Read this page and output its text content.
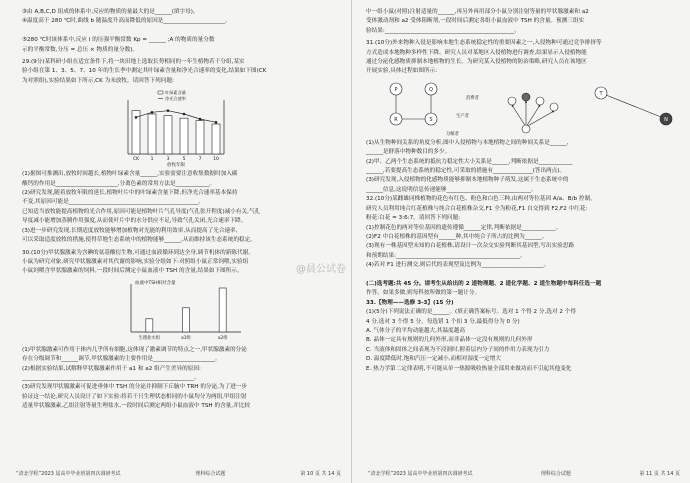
③由 A,B,C,D 组成的体系中,反应的物质的量最大的是______(填字母)。
④温度高于 280 ℃时,曲线 b 随温度升高而降低的原因是______________________。

⑤280 ℃时该体系中,反应 I 的压强平衡常数 Kp = ______ ;A 的物质的量分数
示的平衡常数,分压 = 总压 × 物质的量分数)。
29.(9分)某科研小组在适宜条件下,将一块田地上选取长势相同的一年生植物若干分组,某实
验小组在第 1、3、5、7、10 年的生长季中测定其叶绿素含量和净光合速率的变化,结果如下图(CK
为对照组),实验结果如下所示,CK 为未放牧。请回答下列问题:
CK	1	3	5	7	10
放牧年限
叶绿素含量
净光合速率
(1)据图可推测出,放牧时间越长,植物叶绿素含量______,实验需要注意收集数据时加入碳
酸钙的作用是______________________,分离色素的常用方法是____________。
(2)研究发现,随着放牧年限的延长,植物叶片中的叶绿素含量下降,但净光合速率基本保持
不变,其原因可能是______________________________________________。
已知适当放牧能提高植物的光合作用,原因可能是植物叶片气孔导度(气孔张开程度)减小有关,气孔
导度减小能增加蒸腾作用强度,从而使叶片中的水分供应不足,导致气孔关闭,光合速率下降。
(3)进一步研究发现,长期适度放牧能够增加植物对光能的利用效率,从而提高了光合速率,
可以采取适度放牧的措施,使得草地生态系统中的植物能够______,从而维持该生态系统的稳定。
30.(10分)甲状腺激素为含碘的氨基酸衍生物,可通过血液循环到达全身,调节机体的新陈代谢。
小鼠为研究对象,研究甲状腺激素对其代谢的影响,实验分组如下:对照组小鼠正常饲喂,实验组
小鼠饲喂含甲状腺激素的饲料,一段时间后测定小鼠血液中 TSH 的含量,结果如下图所示。
血液中TSH相对含量
生理盐水组	a1组	a2组
(1)甲状腺激素可作用于体内几乎所有细胞,这体现了激素调节的特点之一,甲状腺激素的分泌
存在分级调节和______调节,甲状腺激素的主要作用是______________________。
(2)根据实验结果,试解释甲状腺激素作用于 a1 和 a2 组产生差异的原因:
_____________________________________________________________。
(3)研究发现甲状腺激素可促进垂体中 TSH 的分泌并抑制下丘脑中 TRH 的分泌,为了进一步
验证这一结论,研究人员设计了如下实验:将若干只生理状态相同的小鼠均分为两组,甲组注射
适量甲状腺激素,乙组注射等量生理盐水,一段时间后测定两组小鼠血液中 TSH 的含量,并比较
“清北学程”2023 届高中毕业班第四次调研考试	理科综合试题	第 10 页 共 14 页
中一组小鼠(对照)注射适量的______,再另外再用部分小鼠分别注射等量的甲状腺激素和 a2
受体激动剂和 a2 受体阻断剂,一段时间后测定各组小鼠血液中 TSH 的含量。预测三组实
验结果:______________________________________________。
31.(10分)外来物种入侵是影响本地生态系统稳定性的重要因素之一,入侵物种可通过竞争排挤等
方式造成本地物种多样性下降。研究人员对某地区入侵植物进行调查,结果显示入侵植物能
通过分泌化感物质抑制本地植物的生长。为研究某入侵植物的防治策略,研究人员在该地区
开展实验,具体过程如图所示:
P	Q
R	S
T
N
分解者
生产者
消费者
(1)从生物种间关系的角度分析,图中入侵植物与本地植物之间的种间关系是______,
______是群落中物种数目的多少。
(2)甲、乙两个生态系统的抵抗力稳定性大小关系是______,判断依据是____________
______,若要提高生态系统的稳定性,可采取的措施有______________(答出两点)。
(3)研究发现,入侵植物的化感物质能够抑制本地植物种子萌发,这属于生态系统中的
______信息,这说明信息传递能够______________________________。
32.(10分)某雌雄同株植物的花色有红色、粉色和白色三种,由两对等位基因 A/a、B/b 控制。
研究人员利用纯合红花植株与纯合白花植株杂交,F1 全为粉花,F1 自交得到 F2,F2 中红花:
粉花:白花 = 3:6:7。请回答下列问题:
(1)控制花色的两对等位基因的遗传遵循______定律,判断依据是____________。
(2)F2 中白花植株的基因型有______种,其中纯合子所占的比例为______。
(3)现有一株基因型未知的白花植株,请设计一次杂交实验判断其基因型,写出实验思路
和预期结果:____________________________________________。
(4)若对 F1 进行测交,则后代的表现型及比例为______________________。

(二)选考题:共 45 分。请考生从给出的 2 道物理题、2 道化学题、2 道生物题中每科任选一题
作答。如果多做,则每科按所做的第一题计分。
33.【物理——选修 3-3】(15 分)
(1)(5分)下列说法正确的是______。(填正确答案标号。选对 1 个得 2 分,选对 2 个得
4 分,选对 3 个得 5 分。每选错 1 个扣 3 分,最低得分为 0 分)
A. 气体分子的平均动能越大,其温度越高
B. 晶体一定具有规则的几何外形,而非晶体一定没有规则的几何外形
C. 当液体和固体之间表现为不浸润时,附着层内分子间的作用力表现为引力
D. 温度降低时,饱和汽压一定减小,而相对湿度一定增大
E. 热力学第二定律表明,不可能从单一热源吸收热量全部用来做功而不引起其他变化
“清北学程”2023 届高中毕业班第四次调研考试	理科综合试题	第 11 页 共 14 页
@晨公试卷
